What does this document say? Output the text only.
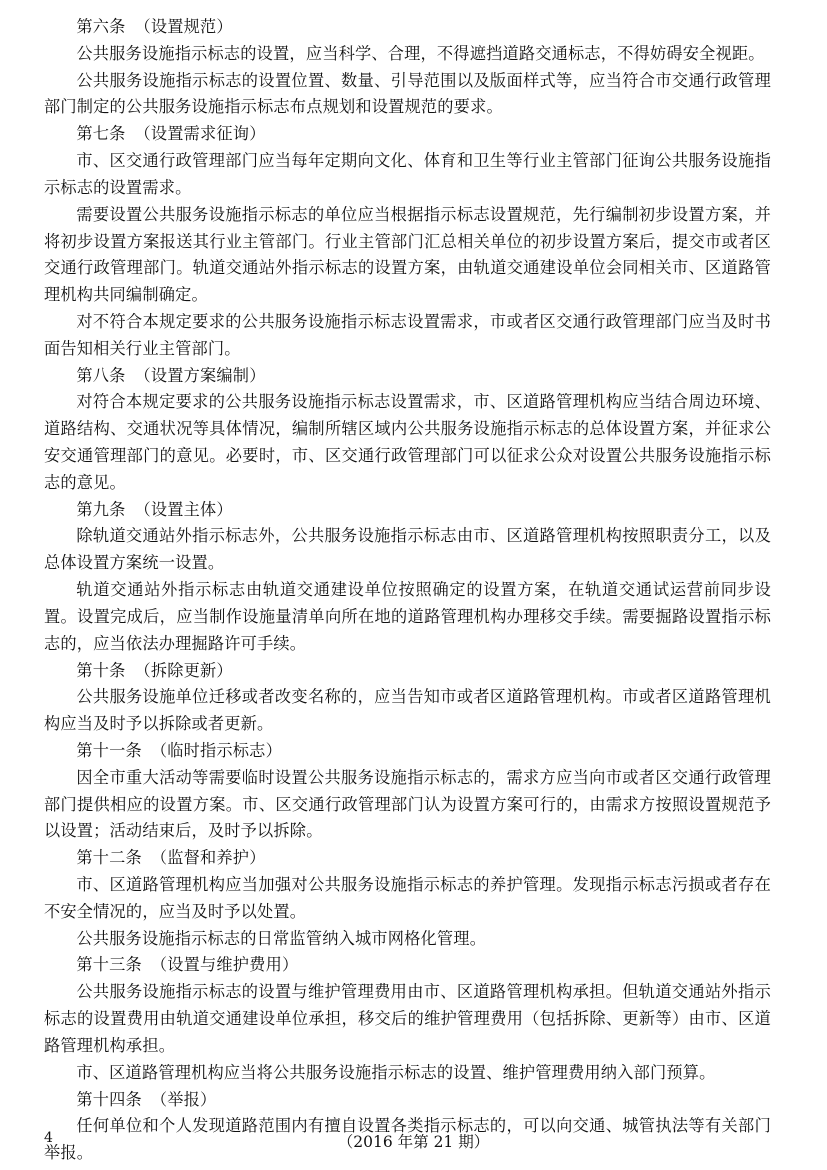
第六条 （ 设置规范 ）

公共服务设施指示标志的设置，应当科学、合理，不得遮挡道路交通标志，不得妨碍安全视距。

公共服务设施指示标志的设置位置、数量、引导范围以及版面样式等，应当符合市交通行政管理部门制定的公共服务设施指示标志布点规划和设置规范的要求。

第七条 （ 设置需求征询 ）

市、区交通行政管理部门应当每年定期向文化、体育和卫生等行业主管部门征询公共服务设施指示标志的设置需求。

需要设置公共服务设施指示标志的单位应当根据指示标志设置规范，先行编制初步设置方案，并将初步设置方案报送其行业主管部门。行业主管部门汇总相关单位的初步设置方案后，提交市或者区交通行政管理部门。轨道交通站外指示标志的设置方案，由轨道交通建设单位会同相关市、区道路管理机构共同编制确定。

对不符合本规定要求的公共服务设施指示标志设置需求，市或者区交通行政管理部门应当及时书面告知相关行业主管部门。

第八条 （ 设置方案编制 ）

对符合本规定要求的公共服务设施指示标志设置需求，市、区道路管理机构应当结合周边环境、道路结构、交通状况等具体情况，编制所辖区域内公共服务设施指示标志的总体设置方案，并征求公安交通管理部门的意见。必要时，市、区交通行政管理部门可以征求公众对设置公共服务设施指示标志的意见。

第九条 （ 设置主体 ）

除轨道交通站外指示标志外，公共服务设施指示标志由市、区道路管理机构按照职责分工，以及总体设置方案统一设置。

轨道交通站外指示标志由轨道交通建设单位按照确定的设置方案，在轨道交通试运营前同步设置。设置完成后，应当制作设施量清单向所在地的道路管理机构办理移交手续。需要掘路设置指示标志的，应当依法办理掘路许可手续。

第十条 （ 拆除更新 ）

公共服务设施单位迁移或者改变名称的，应当告知市或者区道路管理机构。市或者区道路管理机构应当及时予以拆除或者更新。

第十一条 （ 临时指示标志 ）

因全市重大活动等需要临时设置公共服务设施指示标志的，需求方应当向市或者区交通行政管理部门提供相应的设置方案。市、区交通行政管理部门认为设置方案可行的，由需求方按照设置规范予以设置；活动结束后，及时予以拆除。

第十二条 （ 监督和养护 ）

市、区道路管理机构应当加强对公共服务设施指示标志的养护管理。发现指示标志污损或者存在不安全情况的，应当及时予以处置。

公共服务设施指示标志的日常监管纳入城市网格化管理。

第十三条 （ 设置与维护费用 ）

公共服务设施指示标志的设置与维护管理费用由市、区道路管理机构承担。但轨道交通站外指示标志的设置费用由轨道交通建设单位承担，移交后的维护管理费用（包括拆除、更新等）由市、区道路管理机构承担。

市、区道路管理机构应当将公共服务设施指示标志的设置、维护管理费用纳入部门预算。

第十四条 （ 举报 ）

任何单位和个人发现道路范围内有擅自设置各类指示标志的，可以向交通、城管执法等有关部门举报。

4	（ 2016 年第 21 期 ）
